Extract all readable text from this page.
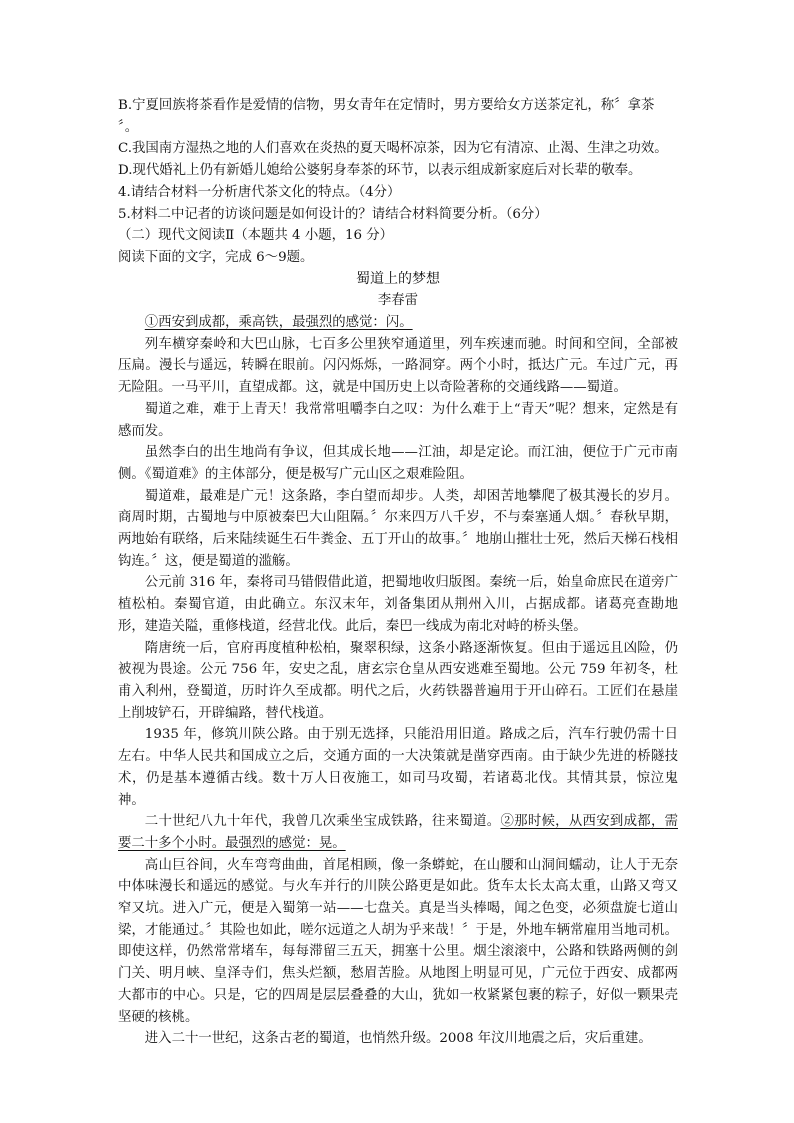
B.宁夏回族将茶看作是爱情的信物，男女青年在定情时，男方要给女方送茶定礼，称〞拿茶
〞。

C.我国南方湿热之地的人们喜欢在炎热的夏天喝杯凉茶，因为它有清凉、止渴、生津之功效。

D.现代婚礼上仍有新婚儿媳给公婆躬身奉茶的环节，以表示组成新家庭后对长辈的敬奉。

4.请结合材料一分析唐代茶文化的特点。（4分）

5.材料二中记者的访谈问题是如何设计的？请结合材料简要分析。（6分）

（二）现代文阅读Ⅱ（本题共 4 小题，16 分）

阅读下面的文字，完成 6～9题。

蜀道上的梦想

李春雷

①西安到成都，乘高铁，最强烈的感觉：闪。

列车横穿秦岭和大巴山脉，七百多公里狭窄通道里，列车疾速而驰。时间和空间，全部被压扁。漫长与遥远，转瞬在眼前。闪闪烁烁，一路洞穿。两个小时，抵达广元。车过广元，再无险阻。一马平川，直望成都。这，就是中国历史上以奇险著称的交通线路——蜀道。

蜀道之难，难于上青天！我常常咀嚼李白之叹：为什么难于上“青天”呢？想来，定然是有感而发。

虽然李白的出生地尚有争议，但其成长地——江油，却是定论。而江油，便位于广元市南侧。《蜀道难》的主体部分，便是极写广元山区之艰难险阻。

蜀道难，最难是广元！这条路，李白望而却步。人类，却困苦地攀爬了极其漫长的岁月。商周时期，古蜀地与中原被秦巴大山阻隔。〞尔来四万八千岁，不与秦塞通人烟。〞春秋早期，两地始有联络，后来陆续诞生石牛粪金、五丁开山的故事。〞地崩山摧壮士死，然后天梯石栈相钩连。〞这，便是蜀道的滥觞。

公元前 316 年，秦将司马错假借此道，把蜀地收归版图。秦统一后，始皇命庶民在道旁广植松柏。秦蜀官道，由此确立。东汉末年，刘备集团从荆州入川，占据成都。诸葛亮查勘地形，建造关隘，重修栈道，经营北伐。此后，秦巴一线成为南北对峙的桥头堡。

隋唐统一后，官府再度植种松柏，聚翠积绿，这条小路逐渐恢复。但由于遥远且凶险，仍被视为畏途。公元 756 年，安史之乱，唐玄宗仓皇从西安逃难至蜀地。公元 759 年初冬，杜甫入利州，登蜀道，历时许久至成都。明代之后，火药铁器普遍用于开山碎石。工匠们在悬崖上削坡铲石，开辟编路，替代栈道。

1935 年，修筑川陕公路。由于别无选择，只能沿用旧道。路成之后，汽车行驶仍需十日左右。中华人民共和国成立之后，交通方面的一大决策就是凿穿西南。由于缺少先进的桥隧技术，仍是基本遵循古线。数十万人日夜施工，如司马攻蜀，若诸葛北伐。其情其景，惊泣鬼神。

二十世纪八九十年代，我曾几次乘坐宝成铁路，往来蜀道。②那时候，从西安到成都，需要二十多个小时。最强烈的感觉：晃。

高山巨谷间，火车弯弯曲曲，首尾相顾，像一条蟒蛇，在山腰和山洞间蠕动，让人于无奈中体味漫长和遥远的感觉。与火车并行的川陕公路更是如此。货车太长太高太重，山路又弯又窄又坑。进入广元，便是入蜀第一站——七盘关。真是当头棒喝，闻之色变，必须盘旋七道山梁，才能通过。〞其险也如此，嗟尔远道之人胡为乎来哉！〞于是，外地车辆常雇用当地司机。即使这样，仍然常常堵车，每每滞留三五天，拥塞十公里。烟尘滚滚中，公路和铁路两侧的剑门关、明月峡、皇泽寺们，焦头烂额，愁眉苦脸。从地图上明显可见，广元位于西安、成都两大都市的中心。只是，它的四周是层层叠叠的大山，犹如一枚紧紧包裹的粽子，好似一颗果壳坚硬的核桃。

进入二十一世纪，这条古老的蜀道，也悄然升级。2008 年汶川地震之后，灾后重建。
